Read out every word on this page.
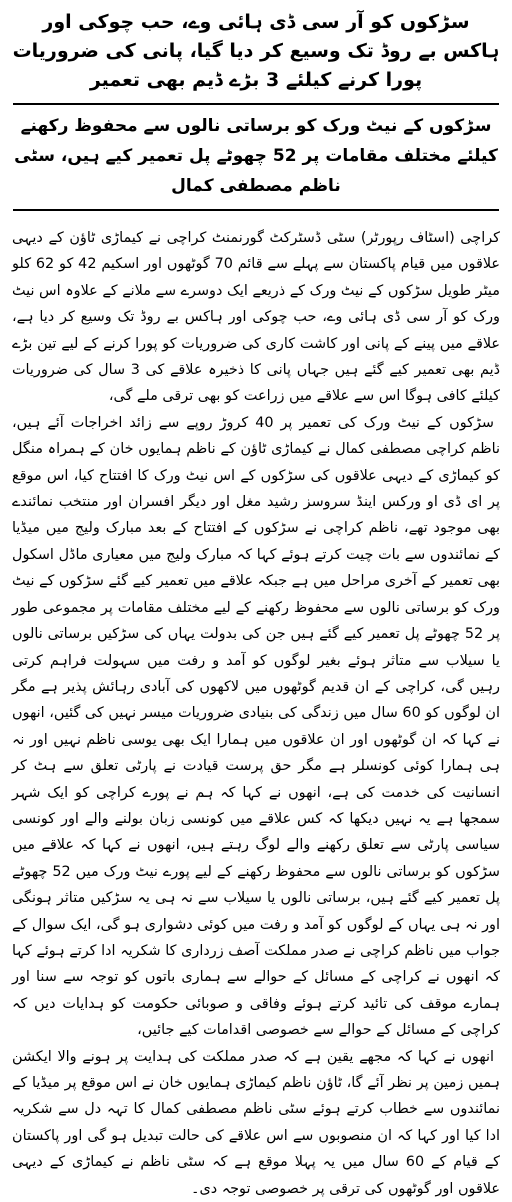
سڑکوں کو آر سی ڈی ہائی وے، حب چوکی اور ہاکس بے روڈ تک وسیع کر دیا گیا، پانی کی ضروریات پورا کرنے کیلئے 3 بڑے ڈیم بھی تعمیر
سڑکوں کے نیٹ ورک کو برساتی نالوں سے محفوظ رکھنے کیلئے مختلف مقامات پر 52 چھوٹے پل تعمیر کیے ہیں، سٹی ناظم مصطفی کمال

کراچی (اسٹاف رپورٹر) سٹی ڈسٹرکٹ گورنمنٹ کراچی نے کیماڑی ٹاؤن کے دیہی علاقوں میں قیام پاکستان سے پہلے سے قائم 70 گوٹھوں اور اسکیم 42 کو 62 کلو میٹر طویل سڑکوں کے نیٹ ورک کے ذریعے ایک دوسرے سے ملانے کے علاوہ اس نیٹ ورک کو آر سی ڈی ہائی وے، حب چوکی اور ہاکس بے روڈ تک وسیع کر دیا ہے، علاقے میں پینے کے پانی اور کاشت کاری کی ضروریات کو پورا کرنے کے لیے تین بڑے ڈیم بھی تعمیر کیے گئے ہیں جہاں پانی کا ذخیرہ علاقے کی 3 سال کی ضروریات کیلئے کافی ہوگا اس سے علاقے میں زراعت کو بھی ترقی ملے گی،

سڑکوں کے نیٹ ورک کی تعمیر پر 40 کروڑ روپے سے زائد اخراجات آئے ہیں، ناظم کراچی مصطفی کمال نے کیماڑی ٹاؤن کے ناظم ہمایوں خان کے ہمراہ منگل کو کیماڑی کے دیہی علاقوں کی سڑکوں کے اس نیٹ ورک کا افتتاح کیا، اس موقع پر ای ڈی او ورکس اینڈ سروسز رشید مغل اور دیگر افسران اور منتخب نمائندے بھی موجود تھے، ناظم کراچی نے سڑکوں کے افتتاح کے بعد مبارک ولیج میں میڈیا کے نمائندوں سے بات چیت کرتے ہوئے کہا کہ مبارک ولیج میں معیاری ماڈل اسکول بھی تعمیر کے آخری مراحل میں ہے جبکہ علاقے میں تعمیر کیے گئے سڑکوں کے نیٹ ورک کو برساتی نالوں سے محفوظ رکھنے کے لیے مختلف مقامات پر مجموعی طور پر 52 چھوٹے پل تعمیر کیے گئے ہیں جن کی بدولت یہاں کی سڑکیں برساتی نالوں یا سیلاب سے متاثر ہوئے بغیر لوگوں کو آمد و رفت میں سہولت فراہم کرتی رہیں گی، کراچی کے ان قدیم گوٹھوں میں لاکھوں کی آبادی رہائش پذیر ہے مگر ان لوگوں کو 60 سال میں زندگی کی بنیادی ضروریات میسر نہیں کی گئیں، انھوں نے کہا کہ ان گوٹھوں اور ان علاقوں میں ہمارا ایک بھی یوسی ناظم نہیں اور نہ ہی ہمارا کوئی کونسلر ہے مگر حق پرست قیادت نے پارٹی تعلق سے ہٹ کر انسانیت کی خدمت کی ہے، انھوں نے کہا کہ ہم نے پورے کراچی کو ایک شہر سمجھا ہے یہ نہیں دیکھا کہ کس علاقے میں کونسی زبان بولنے والے اور کونسی سیاسی پارٹی سے تعلق رکھنے والے لوگ رہتے ہیں، انھوں نے کہا کہ علاقے میں سڑکوں کو برساتی نالوں سے محفوظ رکھنے کے لیے پورے نیٹ ورک میں 52 چھوٹے پل تعمیر کیے گئے ہیں، برساتی نالوں یا سیلاب سے نہ ہی یہ سڑکیں متاثر ہونگی اور نہ ہی یہاں کے لوگوں کو آمد و رفت میں کوئی دشواری ہو گی، ایک سوال کے جواب میں ناظم کراچی نے صدر مملکت آصف زرداری کا شکریہ ادا کرتے ہوئے کہا کہ انھوں نے کراچی کے مسائل کے حوالے سے ہماری باتوں کو توجہ سے سنا اور ہمارے موقف کی تائید کرتے ہوئے وفاقی و صوبائی حکومت کو ہدایات دیں کہ کراچی کے مسائل کے حوالے سے خصوصی اقدامات کیے جائیں،

انھوں نے کہا کہ مجھے یقین ہے کہ صدر مملکت کی ہدایت پر ہونے والا ایکشن ہمیں زمین پر نظر آئے گا، ٹاؤن ناظم کیماڑی ہمایوں خان نے اس موقع پر میڈیا کے نمائندوں سے خطاب کرتے ہوئے سٹی ناظم مصطفی کمال کا تہہ دل سے شکریہ ادا کیا اور کہا کہ ان منصوبوں سے اس علاقے کی حالت تبدیل ہو گی اور پاکستان کے قیام کے 60 سال میں یہ پہلا موقع ہے کہ سٹی ناظم نے کیماڑی کے دیہی علاقوں اور گوٹھوں کی ترقی پر خصوصی توجہ دی۔
